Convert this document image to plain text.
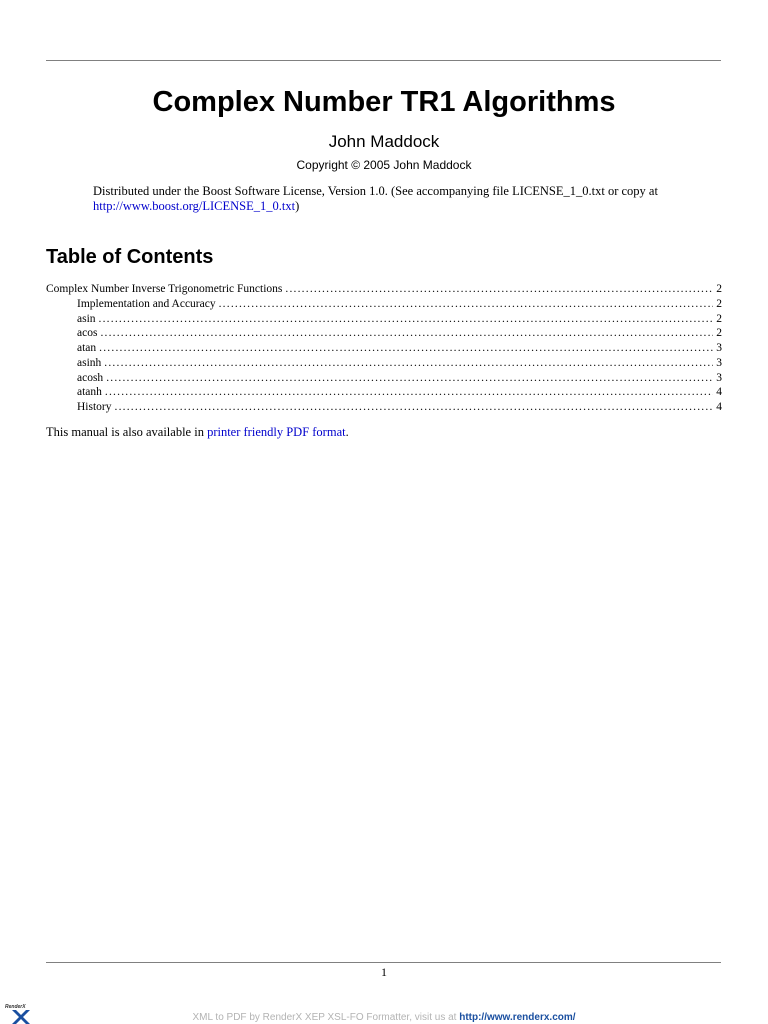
Complex Number TR1 Algorithms
John Maddock
Copyright © 2005 John Maddock
Distributed under the Boost Software License, Version 1.0. (See accompanying file LICENSE_1_0.txt or copy at http://www.boost.org/LICENSE_1_0.txt)
Table of Contents
Complex Number Inverse Trigonometric Functions .....	2
Implementation and Accuracy .....	2
asin .....	2
acos .....	2
atan .....	3
asinh .....	3
acosh .....	3
atanh .....	4
History .....	4
This manual is also available in printer friendly PDF format.
1
RenderX
XML to PDF by RenderX XEP XSL-FO Formatter, visit us at http://www.renderx.com/
